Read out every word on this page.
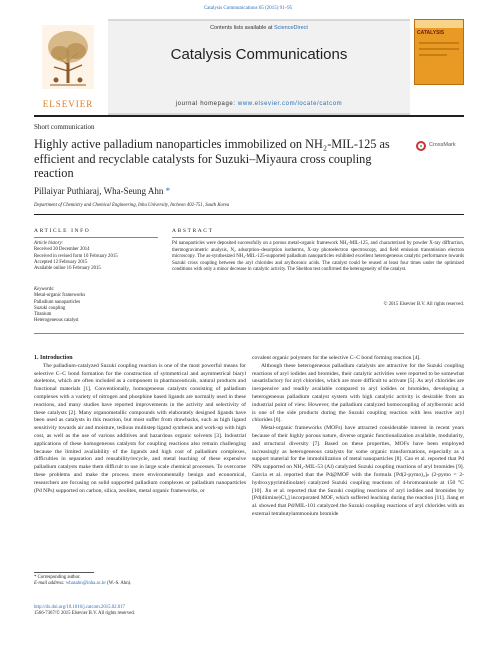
Catalysis Communications 65 (2015) 91–95
ELSEVIER
Contents lists available at ScienceDirect
Catalysis Communications
journal homepage: www.elsevier.com/locate/catcom
CATALYSIS
Short communication
Highly active palladium nanoparticles immobilized on NH₂-MIL-125 as efficient and recyclable catalysts for Suzuki–Miyaura cross coupling reaction
CrossMark
Pillaiyar Puthiaraj, Wha-Seung Ahn *
Department of Chemistry and Chemical Engineering, Inha University, Incheon 402-751, South Korea
ARTICLE INFO	ABSTRACT
Article history:
Received 30 December 2014
Received in revised form 10 February 2015
Accepted 12 February 2015
Available online 16 February 2015
Keywords:
Metal-organic frameworks
Palladium nanoparticles
Suzuki coupling
Titanium
Heterogeneous catalyst

Pd nanoparticles were deposited successfully on a porous metal-organic framework NH₂-MIL-125, and characterized by powder X-ray diffraction, thermogravimetric analysis, N₂ adsorption–desorption isotherms, X-ray photoelectron spectroscopy, and field emission transmission electron microscopy. The as-synthesized NH₂-MIL-125-supported palladium nanoparticles exhibited excellent heterogeneous catalytic performance towards Suzuki cross coupling between the aryl chlorides and arylboronic acids. The catalyst could be reused at least four times under the optimized conditions with only a minor decrease in catalytic activity. The Sheldon test confirmed the heterogeneity of the catalyst.

© 2015 Elsevier B.V. All rights reserved.

1. Introduction

The palladium-catalyzed Suzuki coupling reaction is one of the most powerful means for selective C–C bond formation for the construction of symmetrical and asymmetrical biaryl skeletons, which are often included as a component in pharmaceuticals, natural products and functional materials [1]. Conventionally, homogeneous catalysts consisting of palladium complexes with a variety of nitrogen and phosphine based ligands are normally used in these reactions, and many studies have reported improvements in the activity and selectivity of these catalysts [2]. Many organometallic compounds with elaborately designed ligands have been used as catalysts in this reaction, but most suffer from drawbacks, such as high ligand sensitivity towards air and moisture, tedious multistep ligand synthesis and work-up with high cost, as well as the use of various additives and hazardous organic solvents [3]. Industrial applications of these homogeneous catalysts for coupling reactions also remain challenging because the limited availability of the ligands and high cost of palladium complexes, difficulties in separation and reusability/recycle, and metal leaching of these expensive palladium catalysts make them difficult to use in large scale chemical processes. To overcome these problems and make the process more environmentally benign and economical, researchers are focusing on solid supported palladium complexes or palladium nanoparticles (Pd NPs) supported on carbon, silica, zeolites, metal organic frameworks, or

covalent organic polymers for the selective C–C bond forming reaction [4].

Although these heterogeneous palladium catalysts are attractive for the Suzuki coupling reactions of aryl iodides and bromides, their catalytic activities were reported to be somewhat unsatisfactory for aryl chlorides, which are more difficult to activate [5]. As aryl chlorides are inexpensive and readily available compared to aryl iodides or bromides, developing a heterogeneous palladium catalyst system with high catalytic activity is desirable from an industrial point of view. However, the palladium catalyzed homocoupling of arylboronic acid is one of the side products during the Suzuki coupling reaction with less reactive aryl chlorides [6].

Metal-organic frameworks (MOFs) have attracted considerable interest in recent years because of their highly porous nature, diverse organic functionalization available, modularity, and structural diversity [7]. Based on these properties, MOFs have been employed increasingly as heterogeneous catalysts for some organic transformations, especially as a support material for the immobilization of metal nanoparticles [8]. Cao et al. reported that Pd NPs supported on NH₂-MIL-53 (Al) catalyzed Suzuki coupling reactions of aryl bromides [9]. Garcia et al. reported that the Pd@MOF with the formula [Pd(2-pymo)₂]ₙ (2-pymo = 2-hydroxypyrimidinolate) catalyzed Suzuki coupling reactions of 4-bromoanisole at 150 °C [10]. Jin et al. reported that the Suzuki coupling reactions of aryl iodides and bromides by [Pd(diimine)Cl₂] incorporated MOF, which suffered leaching during the reaction [11]. Jiang et al. showed that Pd/MIL-101 catalyzed the Suzuki coupling reactions of aryl chlorides with an external tetrabutylammonium bromide

* Corresponding author.
E-mail address: whasahn@inha.ac.kr (W.-S. Ahn).
http://dx.doi.org/10.1016/j.catcom.2015.02.017
1566-7367/© 2015 Elsevier B.V. All rights reserved.
